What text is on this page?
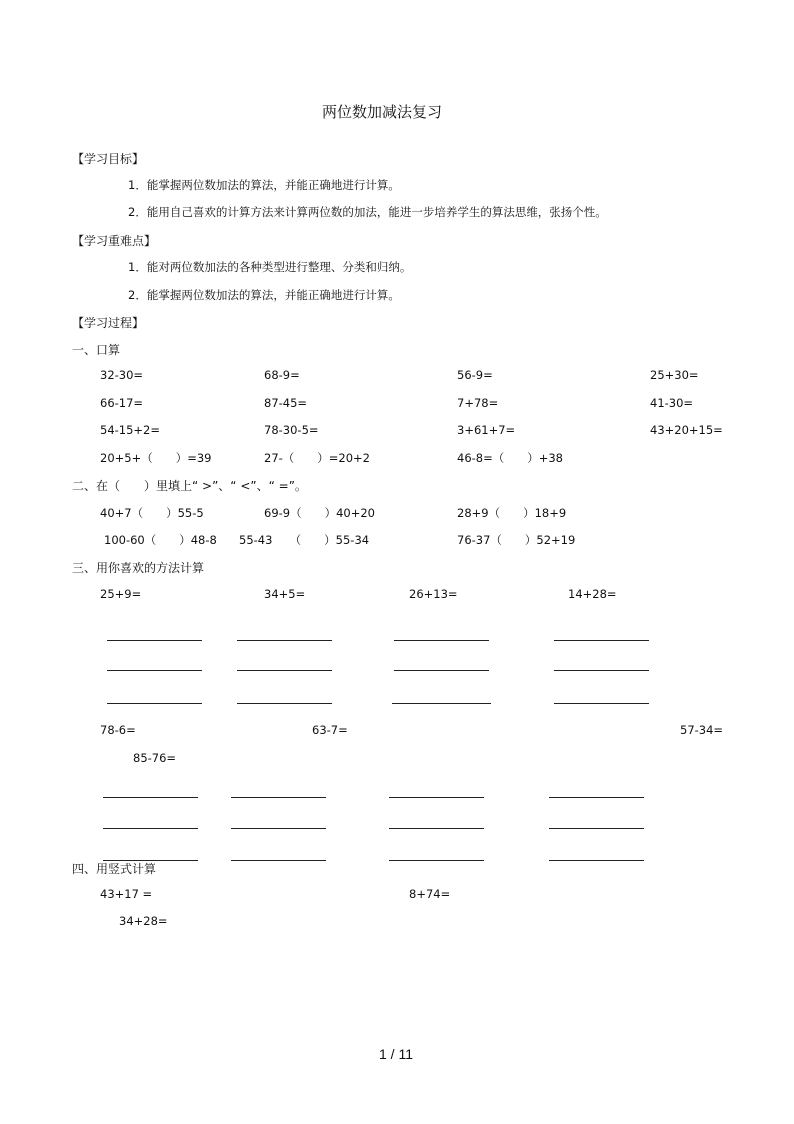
两位数加减法复习
【学习目标】
1．能掌握两位数加法的算法，并能正确地进行计算。
2．能用自己喜欢的计算方法来计算两位数的加法，能进一步培养学生的算法思维，张扬个性。
【学习重难点】
1．能对两位数加法的各种类型进行整理、分类和归纳。
2．能掌握两位数加法的算法，并能正确地进行计算。
【学习过程】
一、口算
32-30=	68-9=	56-9=	25+30=
66-17=	87-45=	7+78=	41-30=
54-15+2=	78-30-5=	3+61+7=	43+20+15=
20+5+（　　）=39	27-（　　）=20+2	46-8=（　　）+38
二、在（　　）里填上“ >”、“ <”、“ =”。
40+7（　　）55-5	69-9（　　）40+20	28+9（　　）18+9
100-60（　　）48-8 55-43　　（　　）55-34	76-37（　　）52+19
三、用你喜欢的方法计算
25+9=	34+5=	26+13=	14+28=
78-6=	63-7=	57-34=
85-76=
四、用竖式计算
43+17 =	8+74=
34+28=
1 / 11
